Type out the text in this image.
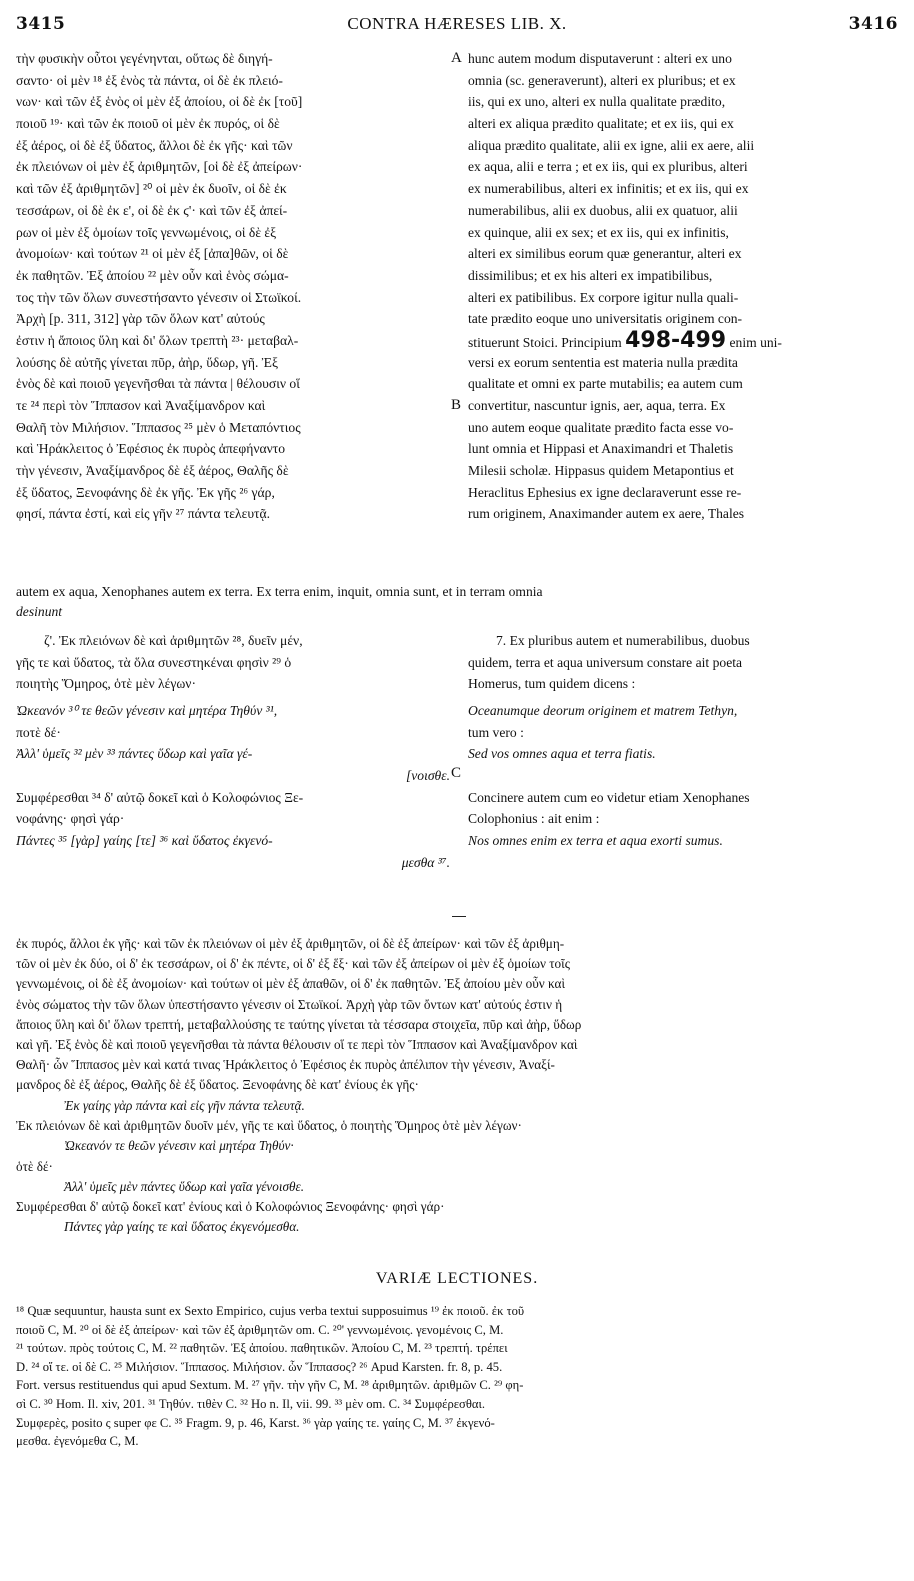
3415	CONTRA HÆRESES LIB. X.	3416
A
B
C
τὴν φυσικὴν οὗτοι γεγένηνται, οὕτως δὲ διηγή-
σαντο· οἱ μὲν ¹⁸ ἐξ ἑνὸς τὰ πάντα, οἱ δὲ ἐκ πλειό-
νων· καὶ τῶν ἐξ ἑνὸς οἱ μὲν ἐξ ἀποίου, οἱ δὲ ἐκ [τοῦ]
ποιοῦ ¹⁹· καὶ τῶν ἐκ ποιοῦ οἱ μὲν ἐκ πυρός, οἱ δὲ
ἐξ ἀέρος, οἱ δὲ ἐξ ὕδατος, ἄλλοι δὲ ἐκ γῆς· καὶ τῶν
ἐκ πλειόνων οἱ μὲν ἐξ ἀριθμητῶν, [οἱ δὲ ἐξ ἀπείρων·
καὶ τῶν ἐξ ἀριθμητῶν] ²⁰ οἱ μὲν ἐκ δυοῖν, οἱ δὲ ἐκ
τεσσάρων, οἱ δὲ ἐκ ε', οἱ δὲ ἐκ ϛ'· καὶ τῶν ἐξ ἀπεί-
ρων οἱ μὲν ἐξ ὁμοίων τοῖς γεννωμένοις, οἱ δὲ ἐξ
ἀνομοίων· καὶ τούτων ²¹ οἱ μὲν ἐξ [ἀπα]θῶν, οἱ δὲ
ἐκ παθητῶν. Ἐξ ἀποίου ²² μὲν οὖν καὶ ἑνὸς σώμα-
τος τὴν τῶν ὅλων συνεστήσαντο γένεσιν οἱ Στωϊκοί.
Ἀρχὴ [p. 311, 312] γὰρ τῶν ὅλων κατ' αὐτούς
ἐστιν ἡ ἄποιος ὕλη καὶ δι' ὅλων τρεπτὴ ²³· μεταβαλ-
λούσης δὲ αὐτῆς γίνεται πῦρ, ἀὴρ, ὕδωρ, γῆ. Ἐξ
ἑνὸς δὲ καὶ ποιοῦ γεγενῆσθαι τὰ πάντα | θέλουσιν οἵ
τε ²⁴ περὶ τὸν Ἵππασον καὶ Ἀναξίμανδρον καὶ
Θαλῆ τὸν Μιλήσιον. Ἵππασος ²⁵ μὲν ὁ Μεταπόντιος
καὶ Ἡράκλειτος ὁ Ἐφέσιος ἐκ πυρὸς ἀπεφήναντο
τὴν γένεσιν, Ἀναξίμανδρος δὲ ἐξ ἀέρος, Θαλῆς δὲ
ἐξ ὕδατος, Ξενοφάνης δὲ ἐκ γῆς. Ἐκ γῆς ²⁶ γάρ,
φησί, πάντα ἐστί, καὶ εἰς γῆν ²⁷ πάντα τελευτᾷ.
hunc autem modum disputaverunt : alteri ex uno
omnia (sc. generaverunt), alteri ex pluribus; et ex
iis, qui ex uno, alteri ex nulla qualitate prædito,
alteri ex aliqua prædito qualitate; et ex iis, qui ex
aliqua prædito qualitate, alii ex igne, alii ex aere, alii
ex aqua, alii e terra ; et ex iis, qui ex pluribus, alteri
ex numerabilibus, alteri ex infinitis; et ex iis, qui ex
numerabilibus, alii ex duobus, alii ex quatuor, alii
ex quinque, alii ex sex; et ex iis, qui ex infinitis,
alteri ex similibus eorum quæ generantur, alteri ex
dissimilibus; et ex his alteri ex impatibilibus,
alteri ex patibilibus. Ex corpore igitur nulla quali-
tate prædito eoque uno universitatis originem con-
stituerunt Stoici. Principium 498-499 enim uni-
versi ex eorum sententia est materia nulla prædita
qualitate et omni ex parte mutabilis; ea autem cum
convertitur, nascuntur ignis, aer, aqua, terra. Ex
uno autem eoque qualitate prædito facta esse vo-
lunt omnia et Hippasi et Anaximandri et Thaletis
Milesii scholæ. Hippasus quidem Metapontius et
Heraclitus Ephesius ex igne declaraverunt esse re-
rum originem, Anaximander autem ex aere, Thales
autem ex aqua, Xenophanes autem ex terra. Ex terra enim, inquit, omnia sunt, et in terram omnia
desinunt
ζ'. Ἐκ πλειόνων δὲ καὶ ἀριθμητῶν ²⁸, δυεῖν μέν,
γῆς τε καὶ ὕδατος, τὰ ὅλα συνεστηκέναι φησὶν ²⁹ ὁ
ποιητὴς Ὅμηρος, ὁτὲ μὲν λέγων·
7. Ex pluribus autem et numerabilibus, duobus
quidem, terra et aqua universum constare ait poeta
Homerus, tum quidem dicens :
Ὠκεανόν ³⁰ τε θεῶν γένεσιν καὶ μητέρα Τηθύν ³¹,
ποτὲ δέ·
Ἀλλ' ὑμεῖς ³² μὲν ³³ πάντες ὕδωρ καὶ γαῖα γέ-
[νοισθε.
Συμφέρεσθαι ³⁴ δ' αὐτῷ δοκεῖ καὶ ὁ Κολοφώνιος Ξε-
νοφάνης· φησὶ γάρ·
Πάντες ³⁵ [γὰρ] γαίης [τε] ³⁶ καὶ ὕδατος ἐκγενό-
μεσθα ³⁷.
Oceanumque deorum originem et matrem Tethyn,
tum vero :
Sed vos omnes aqua et terra fiatis.
Concinere autem cum eo videtur etiam Xenophanes
Colophonius : ait enim :
Nos omnes enim ex terra et aqua exorti sumus.
ἐκ πυρός, ἄλλοι ἐκ γῆς· καὶ τῶν ἐκ πλειόνων οἱ μὲν ἐξ ἀριθμητῶν, οἱ δὲ ἐξ ἀπείρων· καὶ τῶν ἐξ ἀριθμη-
τῶν οἱ μὲν ἐκ δύο, οἱ δ' ἐκ τεσσάρων, οἱ δ' ἐκ πέντε, οἱ δ' ἐξ ἕξ· καὶ τῶν ἐξ ἀπείρων οἱ μὲν ἐξ ὁμοίων τοῖς
γεννωμένοις, οἱ δὲ ἐξ ἀνομοίων· καὶ τούτων οἱ μὲν ἐξ ἀπαθῶν, οἱ δ' ἐκ παθητῶν. Ἐξ ἀποίου μὲν οὖν καὶ
ἑνὸς σώματος τὴν τῶν ὅλων ὑπεστήσαντο γένεσιν οἱ Στωϊκοί. Ἀρχὴ γὰρ τῶν ὄντων κατ' αὐτούς ἐστιν ἡ
ἄποιος ὕλη καὶ δι' ὅλων τρεπτή, μεταβαλλούσης τε ταύτης γίνεται τὰ τέσσαρα στοιχεῖα, πῦρ καὶ ἀὴρ, ὕδωρ
καὶ γῆ. Ἐξ ἑνὸς δὲ καὶ ποιοῦ γεγενῆσθαι τὰ πάντα θέλουσιν οἵ τε περὶ τὸν Ἵππασον καὶ Ἀναξίμανδρον καὶ
Θαλῆ· ὧν Ἵππασος μὲν καὶ κατά τινας Ἡράκλειτος ὁ Ἐφέσιος ἐκ πυρὸς ἀπέλιπον τὴν γένεσιν, Ἀναξί-
μανδρος δὲ ἐξ ἀέρος, Θαλῆς δὲ ἐξ ὕδατος. Ξενοφάνης δὲ κατ' ἐνίους ἐκ γῆς·
Ἐκ γαίης γὰρ πάντα καὶ εἰς γῆν πάντα τελευτᾷ.
Ἐκ πλειόνων δὲ καὶ ἀριθμητῶν δυοῖν μέν, γῆς τε καὶ ὕδατος, ὁ ποιητὴς Ὅμηρος ὁτὲ μὲν λέγων·
Ὠκεανόν τε θεῶν γένεσιν καὶ μητέρα Τηθύν·
ὁτὲ δέ·
Ἀλλ' ὑμεῖς μὲν πάντες ὕδωρ καὶ γαῖα γένοισθε.
Συμφέρεσθαι δ' αὐτῷ δοκεῖ κατ' ἐνίους καὶ ὁ Κολοφώνιος Ξενοφάνης· φησὶ γάρ·
Πάντες γὰρ γαίης τε καὶ ὕδατος ἐκγενόμεσθα.
VARIÆ LECTIONES.
¹⁸ Quæ sequuntur, hausta sunt ex Sexto Empirico, cujus verba textui supposuimus ¹⁹ ἐκ ποιοῦ. ἐκ τοῦ
ποιοῦ C, M. ²⁰ οἱ δὲ ἐξ ἀπείρων· καὶ τῶν ἐξ ἀριθμητῶν om. C. ²⁰' γεννωμένοις. γενομένοις C, M.
²¹ τούτων. πρὸς τούτοις C, M. ²² παθητῶν. Ἐξ ἀποίου. παθητικῶν. Ἀποίου C, M. ²³ τρεπτή. τρέπει
D. ²⁴ οἵ τε. οἱ δὲ C. ²⁵ Μιλήσιον. Ἵππασος. Μιλήσιον. ὧν Ἵππασος? ²⁶ Apud Karsten. fr. 8, p. 45.
Fort. versus restituendus qui apud Sextum. M. ²⁷ γῆν. τὴν γῆν C, M. ²⁸ ἀριθμητῶν. ἀριθμῶν C. ²⁹ φη-
σὶ C. ³⁰ Hom. Il. xiv, 201. ³¹ Τηθύν. τιθὲν C. ³² Ho n. Il, vii. 99. ³³ μὲν om. C. ³⁴ Συμφέρεσθαι.
Συμφερὲς, posito ς super φε C. ³⁵ Fragm. 9, p. 46, Karst. ³⁶ γὰρ γαίης τε. γαίης C, M. ³⁷ ἐκγενό-
μεσθα. ἐγενόμεθα C, M.
